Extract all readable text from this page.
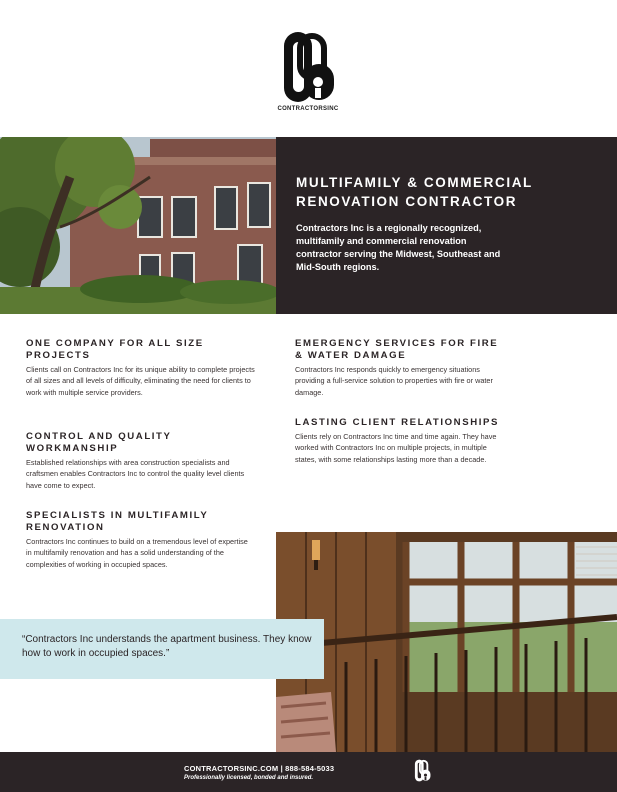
CONTRACTORSINC
MULTIFAMILY & COMMERCIAL RENOVATION CONTRACTOR

Contractors Inc is a regionally recognized, multifamily and commercial renovation contractor serving the Midwest, Southeast and Mid-South regions.

ONE COMPANY FOR ALL SIZE PROJECTS

Clients call on Contractors Inc for its unique ability to complete projects of all sizes and all levels of difficulty, eliminating the need for clients to work with multiple service providers.

CONTROL AND QUALITY WORKMANSHIP

Established relationships with area construction specialists and craftsmen enables Contractors Inc to control the quality level clients have come to expect.

SPECIALISTS IN MULTIFAMILY RENOVATION

Contractors Inc continues to build on a tremendous level of expertise in multifamily renovation and has a solid understanding of the complexities of working in occupied spaces.

EMERGENCY SERVICES FOR FIRE & WATER DAMAGE

Contractors Inc responds quickly to emergency situations providing a full-service solution to properties with fire or water damage.

LASTING CLIENT RELATIONSHIPS

Clients rely on Contractors Inc time and time again. They have worked with Contractors Inc on multiple projects, in multiple states, with some relationships lasting more than a decade.

“Contractors Inc understands the apartment business. They know how to work in occupied spaces.”

CONTRACTORSINC.COM | 888-584-5033

Professionally licensed, bonded and insured.
